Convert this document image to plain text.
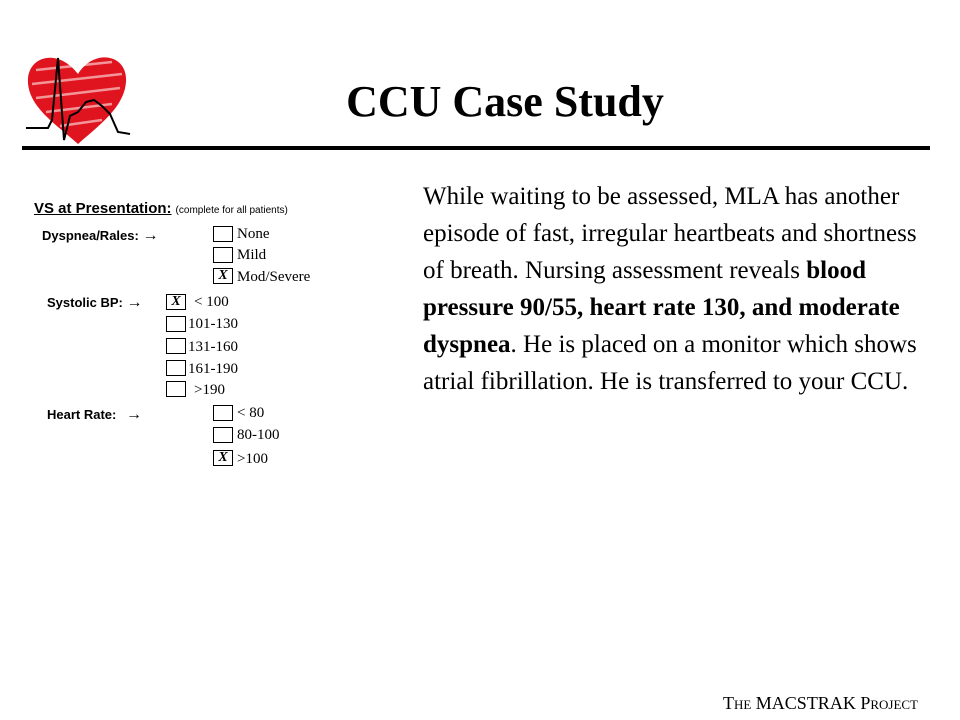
CCU Case Study
VS at Presentation: (complete for all patients)
Dyspnea/Rales: →	None
Mild
X Mod/Severe
Systolic BP: →	X < 100
101-130
131-160
161-190
>190
Heart Rate: →	< 80
80-100
X >100
While waiting to be assessed, MLA has another episode of fast, irregular heartbeats and shortness of breath. Nursing assessment reveals blood pressure 90/55, heart rate 130, and moderate dyspnea. He is placed on a monitor which shows atrial fibrillation. He is transferred to your CCU.
The MACSTRAK Project
